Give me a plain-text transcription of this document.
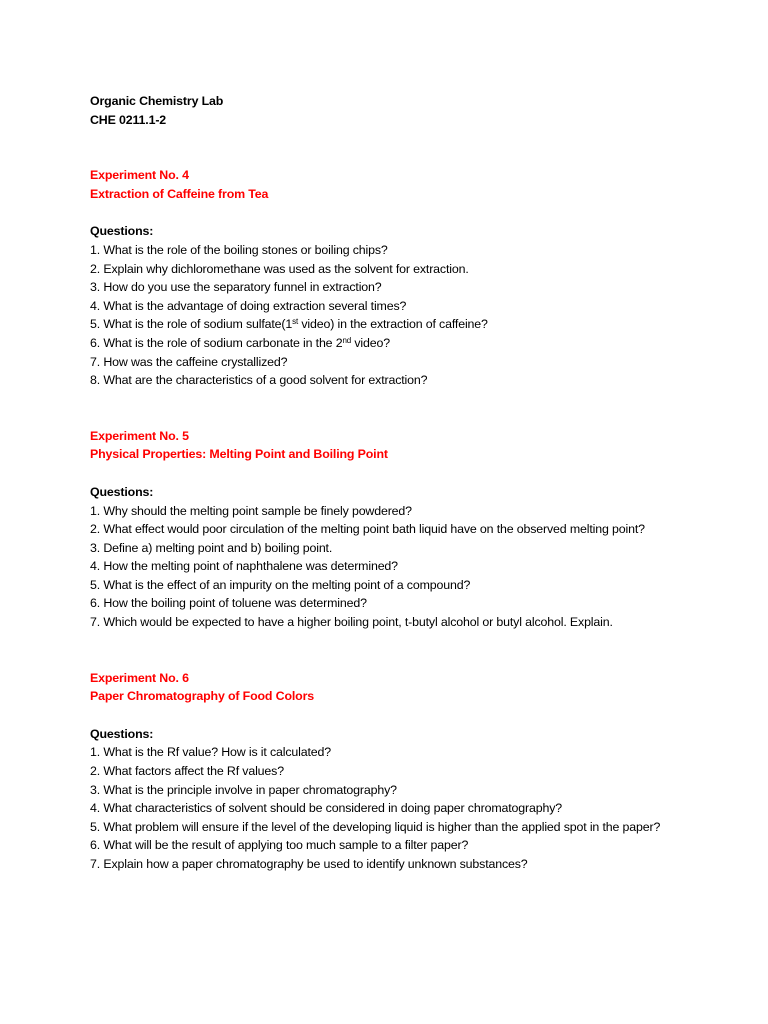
Organic Chemistry Lab

CHE 0211.1-2

Experiment No. 4

Extraction of Caffeine from Tea

Questions:

1. What is the role of the boiling stones or boiling chips?
2. Explain why dichloromethane was used as the solvent for extraction.
3. How do you use the separatory funnel in extraction?
4. What is the advantage of doing extraction several times?
5. What is the role of sodium sulfate(1st video) in the extraction of caffeine?
6. What is the role of sodium carbonate in the 2nd video?
7. How was the caffeine crystallized?
8. What are the characteristics of a good solvent for extraction?

Experiment No. 5

Physical Properties: Melting Point and Boiling Point

Questions:

1. Why should the melting point sample be finely powdered?
2. What effect would poor circulation of the melting point bath liquid have on the observed melting point?
3. Define a) melting point and b) boiling point.
4. How the melting point of naphthalene was determined?
5. What is the effect of an impurity on the melting point of a compound?
6. How the boiling point of toluene was determined?
7. Which would be expected to have a higher boiling point, t-butyl alcohol or butyl alcohol. Explain.

Experiment No. 6

Paper Chromatography of Food Colors

Questions:

1. What is the Rf value? How is it calculated?
2. What factors affect the Rf values?
3. What is the principle involve in paper chromatography?
4. What characteristics of solvent should be considered in doing paper chromatography?
5. What problem will ensure if the level of the developing liquid is higher than the applied spot in the paper?
6. What will be the result of applying too much sample to a filter paper?
7. Explain how a paper chromatography be used to identify unknown substances?
